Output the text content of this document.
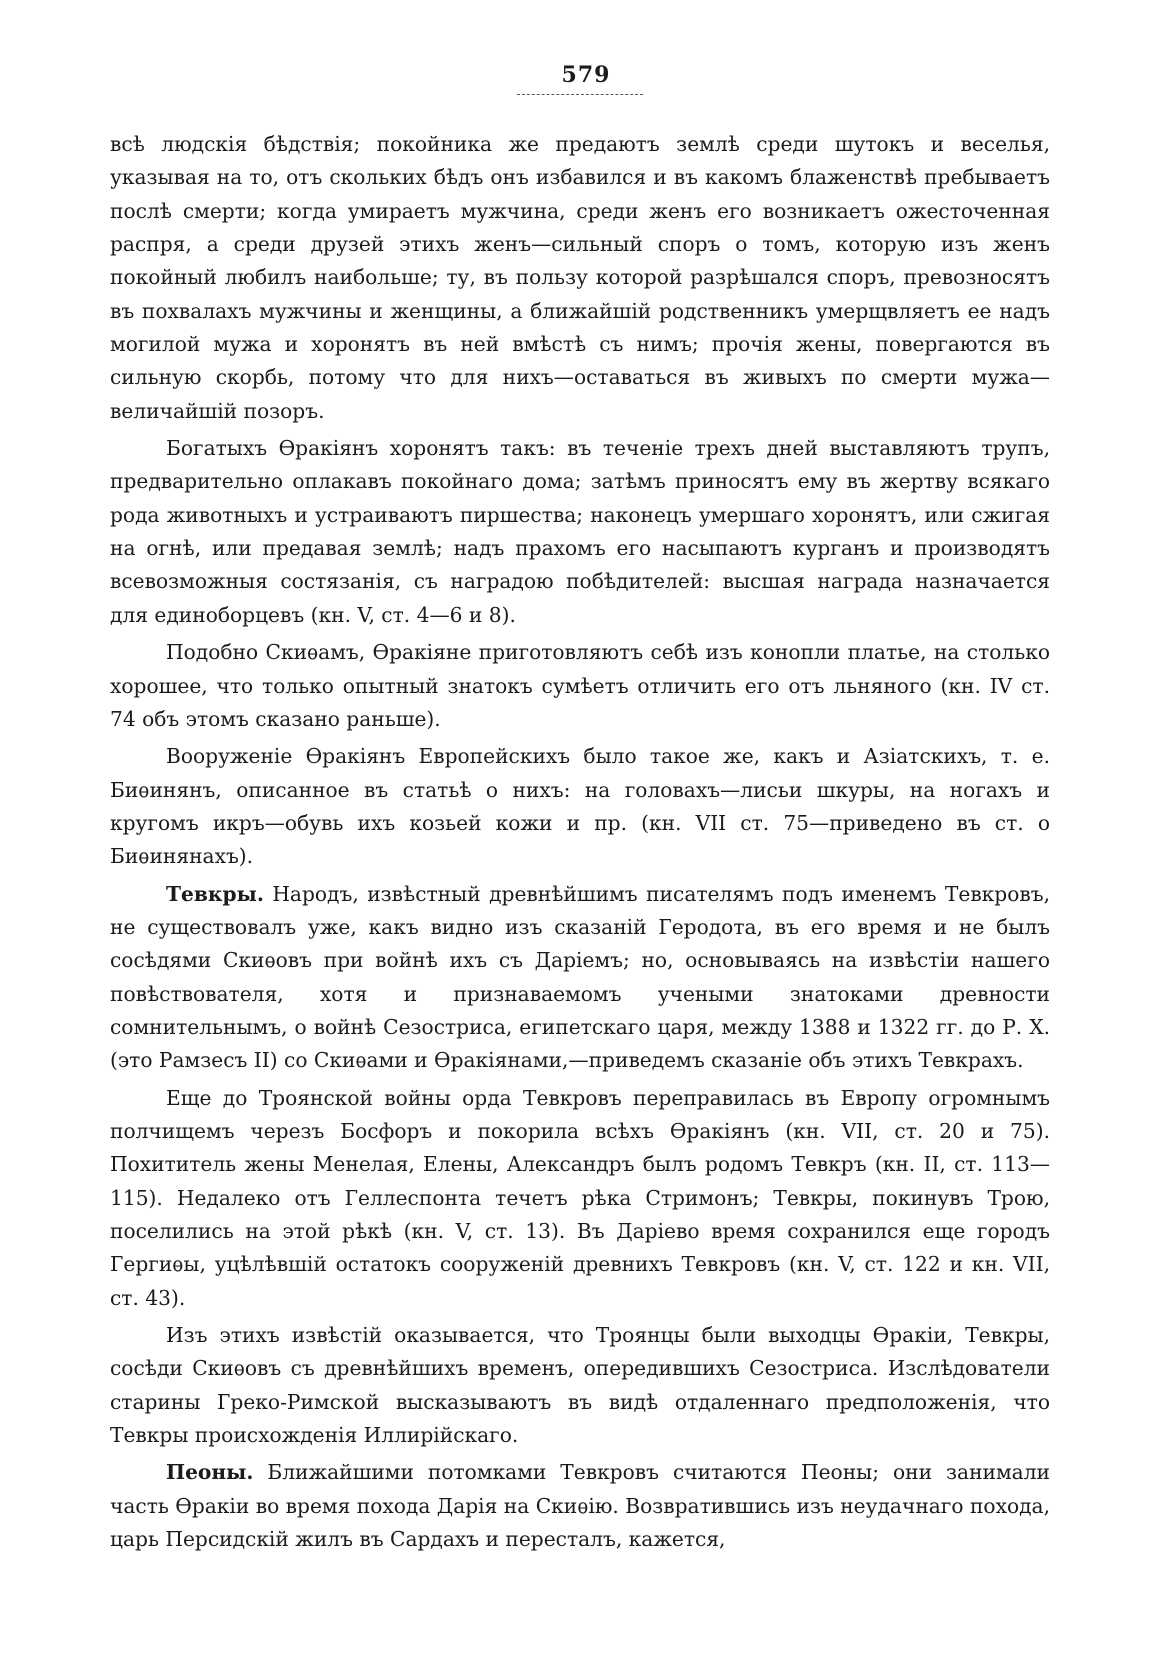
579

всѣ людскія бѣдствія; покойника же предаютъ землѣ среди шутокъ и веселья, указывая на то, отъ скольких бѣдъ онъ избавился и въ какомъ блаженствѣ пребываетъ послѣ смерти; когда умираетъ мужчина, среди женъ его возникаетъ ожесточенная распря, а среди друзей этихъ женъ—сильный споръ о томъ, которую изъ женъ покойный любилъ наибольше; ту, въ пользу которой разрѣшался споръ, превозносятъ въ похвалахъ мужчины и женщины, а ближайшій родственникъ умерщвляетъ ее надъ могилой мужа и хоронятъ въ ней вмѣстѣ съ нимъ; прочія жены, повергаются въ сильную скорбь, потому что для нихъ—оставаться въ живыхъ по смерти мужа—величайшій позоръ.

Богатыхъ Ѳракіянъ хоронятъ такъ: въ теченіе трехъ дней выставляютъ трупъ, предварительно оплакавъ покойнаго дома; затѣмъ приносятъ ему въ жертву всякаго рода животныхъ и устраиваютъ пиршества; наконецъ умершаго хоронятъ, или сжигая на огнѣ, или предавая землѣ; надъ прахомъ его насыпаютъ курганъ и производятъ всевозможныя состязанія, съ наградою побѣдителей: высшая награда назначается для единоборцевъ (кн. V, ст. 4—6 и 8).

Подобно Скиѳамъ, Ѳракіяне приготовляютъ себѣ изъ конопли платье, на столько хорошее, что только опытный знатокъ сумѣетъ отличить его отъ льняного (кн. IV ст. 74 объ этомъ сказано раньше).

Вооруженіе Ѳракіянъ Европейскихъ было такое же, какъ и Азіатскихъ, т. е. Биѳинянъ, описанное въ статьѣ о нихъ: на головахъ—лисьи шкуры, на ногахъ и кругомъ икръ—обувь ихъ козьей кожи и пр. (кн. VII ст. 75—приведено въ ст. о Биѳинянахъ).

Тевкры. Народъ, извѣстный древнѣйшимъ писателямъ подъ именемъ Тевкровъ, не существовалъ уже, какъ видно изъ сказаній Геродота, въ его время и не былъ сосѣдями Скиѳовъ при войнѣ ихъ съ Даріемъ; но, основываясь на извѣстіи нашего повѣствователя, хотя и признаваемомъ учеными знатоками древности сомнительнымъ, о войнѣ Сезостриса, египетскаго царя, между 1388 и 1322 гг. до Р. Х. (это Рамзесъ II) со Скиѳами и Ѳракіянами,—приведемъ сказаніе объ этихъ Тевкрахъ.

Еще до Троянской войны орда Тевкровъ переправилась въ Европу огромнымъ полчищемъ черезъ Босфоръ и покорила всѣхъ Ѳракіянъ (кн. VII, ст. 20 и 75). Похититель жены Менелая, Елены, Александръ былъ родомъ Тевкръ (кн. II, ст. 113—115). Недалеко отъ Геллеспонта течетъ рѣка Стримонъ; Тевкры, покинувъ Трою, поселились на этой рѣкѣ (кн. V, ст. 13). Въ Даріево время сохранился еще городъ Гергиѳы, уцѣлѣвшій остатокъ сооруженій древнихъ Тевкровъ (кн. V, ст. 122 и кн. VII, ст. 43).

Изъ этихъ извѣстій оказывается, что Троянцы были выходцы Ѳракіи, Тевкры, сосѣди Скиѳовъ съ древнѣйшихъ временъ, опередившихъ Сезостриса. Изслѣдователи старины Греко-Римской высказываютъ въ видѣ отдаленнаго предположенія, что Тевкры происхожденія Иллирійскаго.

Пеоны. Ближайшими потомками Тевкровъ считаются Пеоны; они занимали часть Ѳракіи во время похода Дарія на Скиѳію. Возвратившись изъ неудачнаго похода, царь Персидскій жилъ въ Сардахъ и пересталъ, кажется,
